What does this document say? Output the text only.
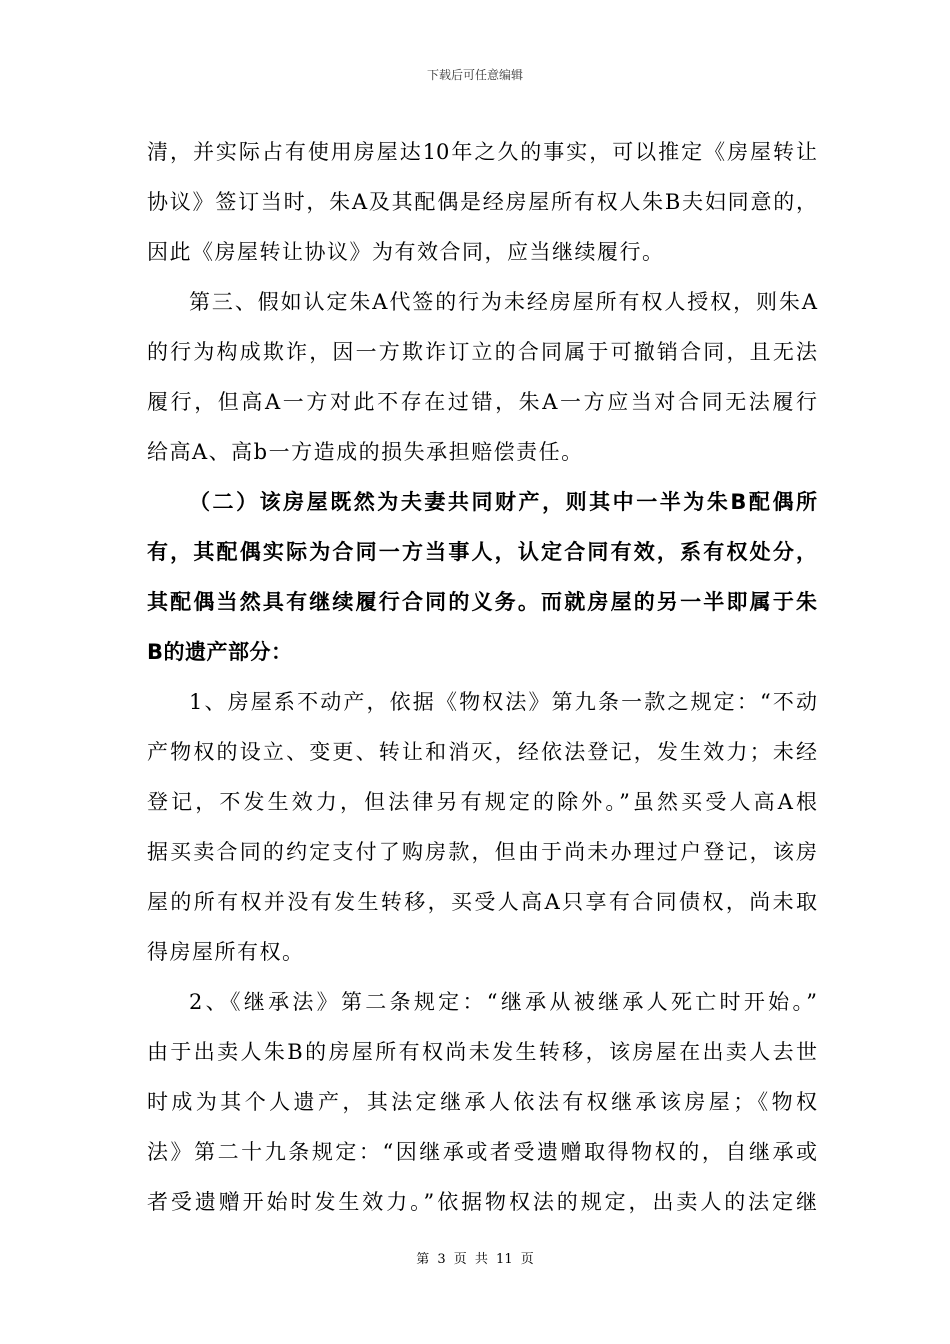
下载后可任意编辑
清，并实际占有使用房屋达10年之久的事实，可以推定《房屋转让
协议》签订当时，朱A及其配偶是经房屋所有权人朱B夫妇同意的，
因此《房屋转让协议》为有效合同，应当继续履行。
第三、假如认定朱A代签的行为未经房屋所有权人授权，则朱A
的行为构成欺诈，因一方欺诈订立的合同属于可撤销合同，且无法
履行，但高A一方对此不存在过错，朱A一方应当对合同无法履行
给高A、高b一方造成的损失承担赔偿责任。
（二）该房屋既然为夫妻共同财产，则其中一半为朱B配偶所
有，其配偶实际为合同一方当事人，认定合同有效，系有权处分，
其配偶当然具有继续履行合同的义务。而就房屋的另一半即属于朱
B的遗产部分：
1、房屋系不动产，依据《物权法》第九条一款之规定：“不动
产物权的设立、变更、转让和消灭，经依法登记，发生效力；未经
登记，不发生效力，但法律另有规定的除外。”虽然买受人高A根
据买卖合同的约定支付了购房款，但由于尚未办理过户登记，该房
屋的所有权并没有发生转移，买受人高A只享有合同债权，尚未取
得房屋所有权。
2、《继承法》第二条规定：“继承从被继承人死亡时开始。”
由于出卖人朱B的房屋所有权尚未发生转移，该房屋在出卖人去世
时成为其个人遗产，其法定继承人依法有权继承该房屋；《物权
法》第二十九条规定：“因继承或者受遗赠取得物权的，自继承或
者受遗赠开始时发生效力。”依据物权法的规定，出卖人的法定继
第 3 页 共 11 页
